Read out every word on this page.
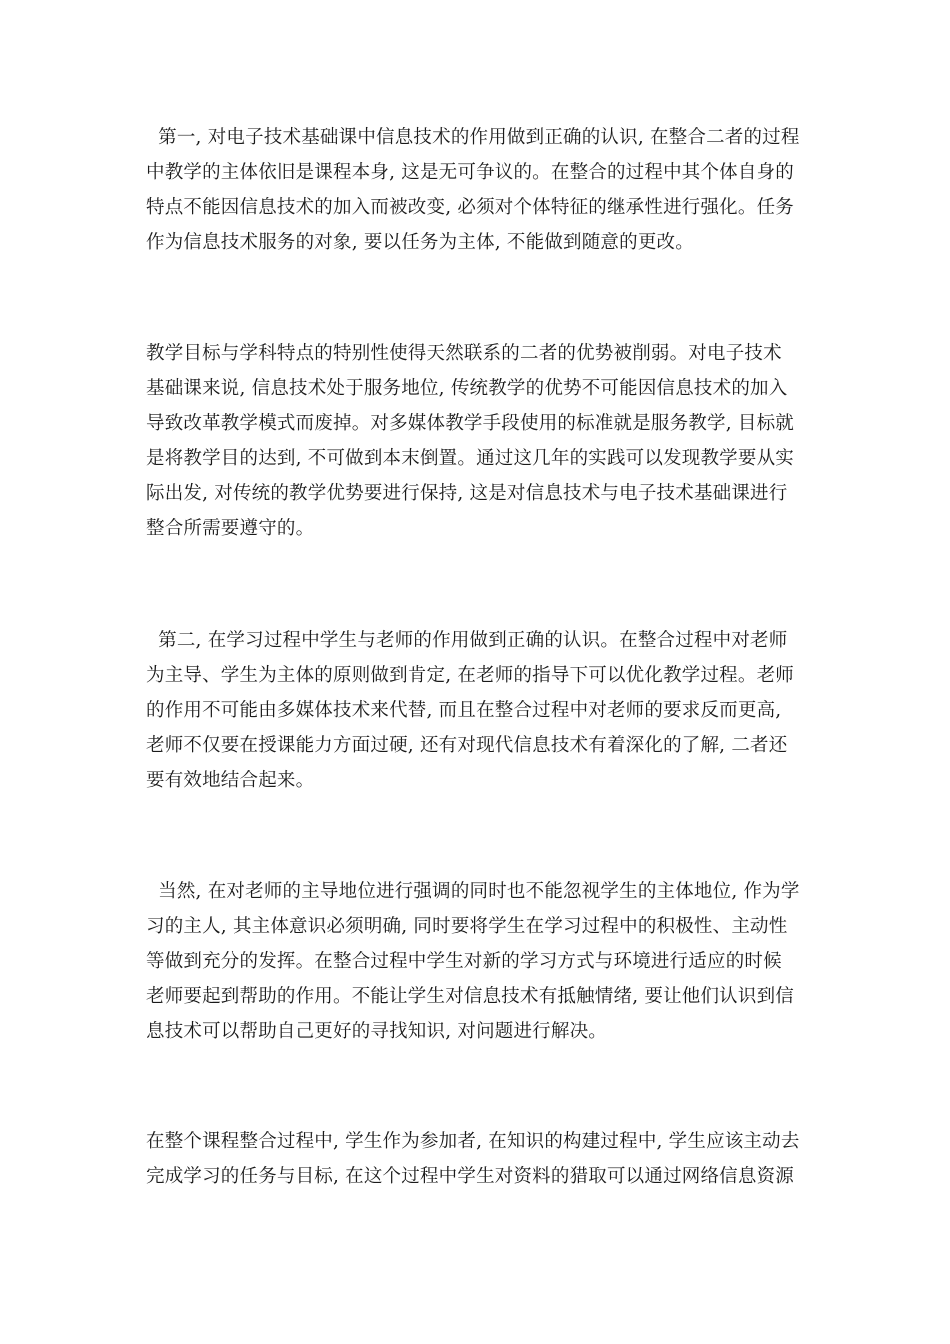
第一, 对电子技术基础课中信息技术的作用做到正确的认识, 在整合二者的过程
中教学的主体依旧是课程本身, 这是无可争议的。在整合的过程中其个体自身的
特点不能因信息技术的加入而被改变, 必须对个体特征的继承性进行强化。任务
作为信息技术服务的对象, 要以任务为主体, 不能做到随意的更改。

教学目标与学科特点的特别性使得天然联系的二者的优势被削弱。对电子技术
基础课来说, 信息技术处于服务地位, 传统教学的优势不可能因信息技术的加入
导致改革教学模式而废掉。对多媒体教学手段使用的标准就是服务教学, 目标就
是将教学目的达到, 不可做到本末倒置。通过这几年的实践可以发现教学要从实
际出发, 对传统的教学优势要进行保持, 这是对信息技术与电子技术基础课进行
整合所需要遵守的。

第二, 在学习过程中学生与老师的作用做到正确的认识。在整合过程中对老师
为主导、学生为主体的原则做到肯定, 在老师的指导下可以优化教学过程。老师
的作用不可能由多媒体技术来代替, 而且在整合过程中对老师的要求反而更高,
老师不仅要在授课能力方面过硬, 还有对现代信息技术有着深化的了解, 二者还
要有效地结合起来。

当然, 在对老师的主导地位进行强调的同时也不能忽视学生的主体地位, 作为学
习的主人, 其主体意识必须明确, 同时要将学生在学习过程中的积极性、主动性
等做到充分的发挥。在整合过程中学生对新的学习方式与环境进行适应的时候
老师要起到帮助的作用。不能让学生对信息技术有抵触情绪, 要让他们认识到信
息技术可以帮助自己更好的寻找知识, 对问题进行解决。

在整个课程整合过程中, 学生作为参加者, 在知识的构建过程中, 学生应该主动去
完成学习的任务与目标, 在这个过程中学生对资料的猎取可以通过网络信息资源
